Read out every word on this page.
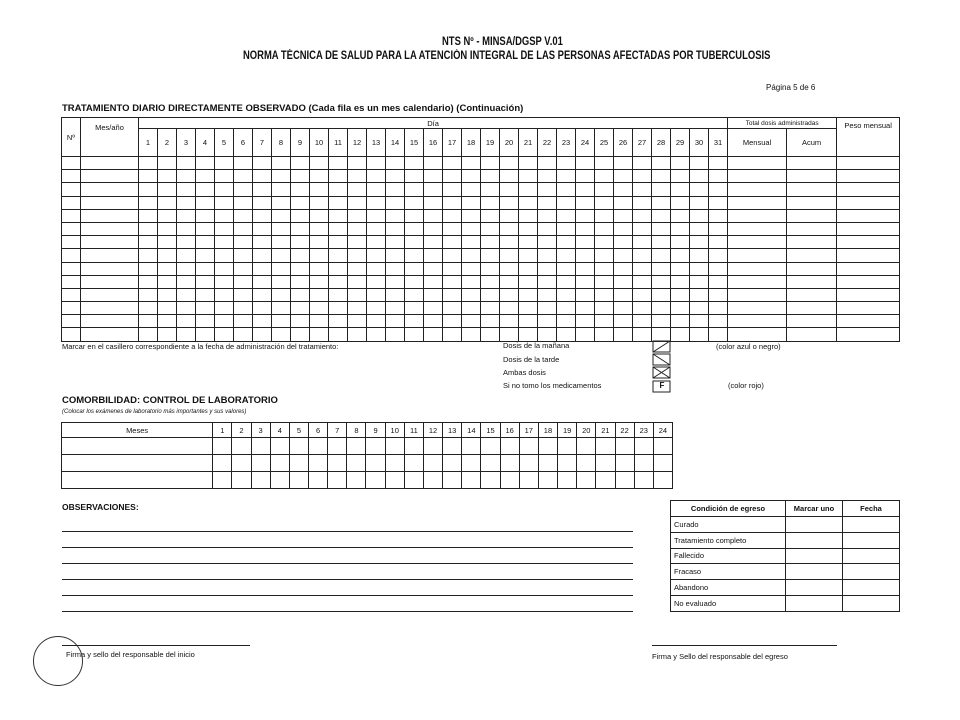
NTS Nº - MINSA/DGSP V.01
NORMA TÉCNICA DE SALUD PARA LA ATENCIÓN INTEGRAL DE LAS PERSONAS AFECTADAS POR TUBERCULOSIS
Página 5 de 6
TRATAMIENTO DIARIO DIRECTAMENTE OBSERVADO (Cada fila es un mes calendario) (Continuación)
Nº	Mes/año	Día																															Total dosis administradas		Peso mensual
		1	2	3	4	5	6	7	8	9	10	11	12	13	14	15	16	17	18	19	20	21	22	23	24	25	26	27	28	29	30	31	Mensual	Acum	

Marcar en el casillero correspondiente a la fecha de administración del tratamiento:	Dosis de la mañana
Dosis de la tarde
Ambas dosis
Si no tomo los medicamentos	F
(color azul o negro)
(color rojo)
COMORBILIDAD: CONTROL DE LABORATORIO
(Colocar los exámenes de laboratorio más importantes y sus valores)
Meses	1	2	3	4	5	6	7	8	9	10	11	12	13	14	15	16	17	18	19	20	21	22	23	24

OBSERVACIONES:	Condición de egreso	Marcar uno	Fecha
Curado		
Tratamiento completo		
Fallecido		
Fracaso		
Abandono		
No evaluado		
Firma y sello del responsable del inicio	Firma y Sello del responsable del egreso
